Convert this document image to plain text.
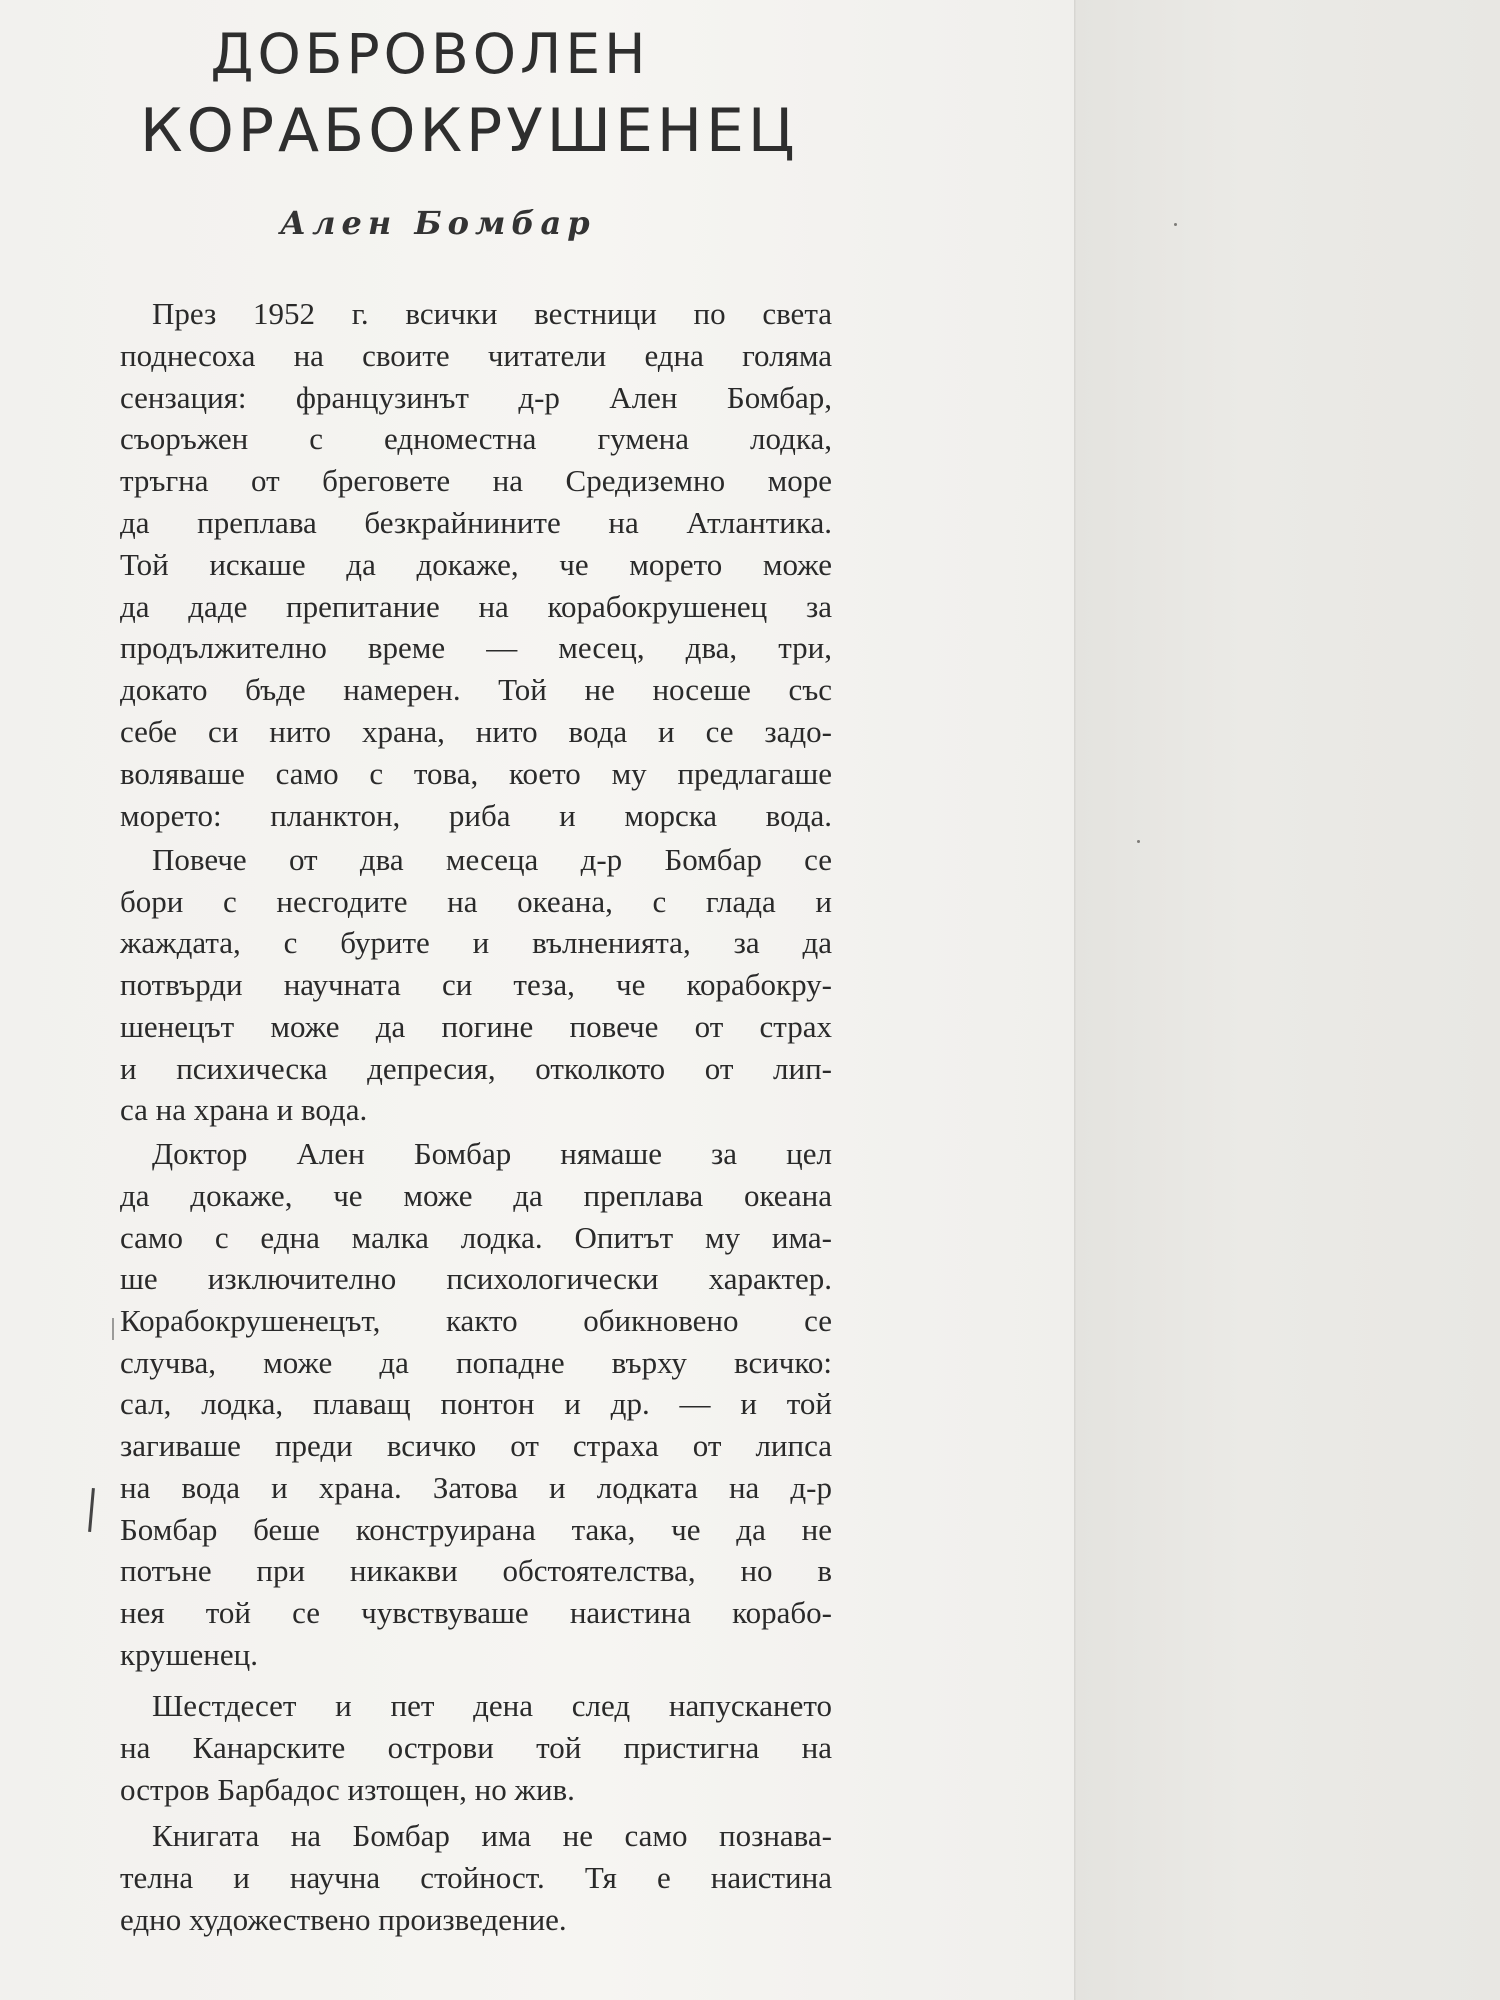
ДОБРОВОЛЕН
КОРАБОКРУШЕНЕЦ
Ален Бомбар
През 1952 г. всички вестници по света
поднесоха на своите читатели една голяма
сензация: французинът д-р Ален Бомбар,
съоръжен с едноместна гумена лодка,
тръгна от бреговете на Средиземно море
да преплава безкрайнините на Атлантика.
Той искаше да докаже, че морето може
да даде препитание на корабокрушенец за
продължително време — месец, два, три,
докато бъде намерен. Той не носеше със
себе си нито храна, нито вода и се задо-
воляваше само с това, което му предлагаше
морето: планктон, риба и морска вода.
Повече от два месеца д-р Бомбар се
бори с несгодите на океана, с глада и
жаждата, с бурите и вълненията, за да
потвърди научната си теза, че корабокру-
шенецът може да погине повече от страх
и психическа депресия, отколкото от лип-
са на храна и вода.
Доктор Ален Бомбар нямаше за цел
да докаже, че може да преплава океана
само с една малка лодка. Опитът му има-
ше изключително психологически характер.
Корабокрушенецът, както обикновено се
случва, може да попадне върху всичко:
сал, лодка, плаващ понтон и др. — и той
загиваше преди всичко от страха от липса
на вода и храна. Затова и лодката на д-р
Бомбар беше конструирана така, че да не
потъне при никакви обстоятелства, но в
нея той се чувствуваше наистина корабо-
крушенец.
Шестдесет и пет дена след напускането
на Канарските острови той пристигна на
остров Барбадос изтощен, но жив.
Книгата на Бомбар има не само познава-
телна и научна стойност. Тя е наистина
едно художествено произведение.
